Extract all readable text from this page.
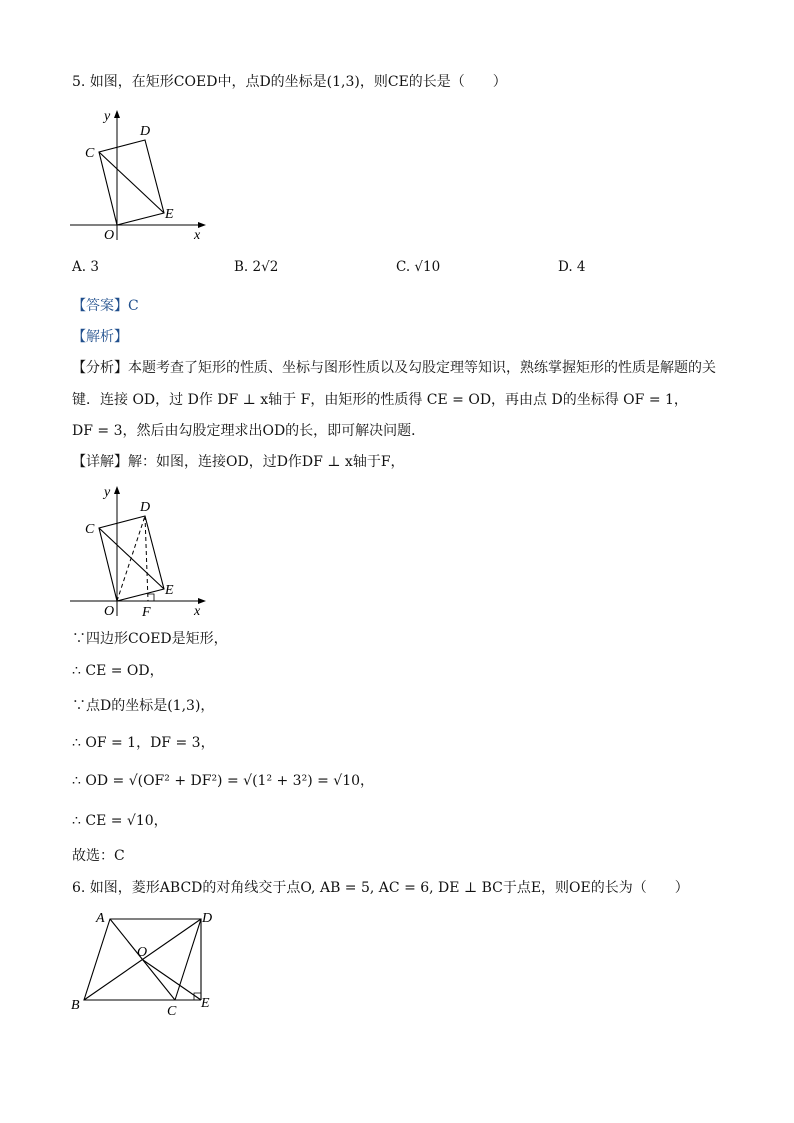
5. 如图，在矩形COED中，点D的坐标是(1,3)，则CE的长是（　　）
y
x
O
C
D
E
A. 3	B. 2√2	C. √10	D. 4
【答案】C
【解析】
【分析】本题考查了矩形的性质、坐标与图形性质以及勾股定理等知识，熟练掌握矩形的性质是解题的关
键．连接 OD，过 D作 DF ⊥ x轴于 F，由矩形的性质得 CE = OD，再由点 D的坐标得 OF = 1，
DF = 3，然后由勾股定理求出OD的长，即可解决问题．
【详解】解：如图，连接OD，过D作DF ⊥ x轴于F，
y
x
O F
C
D
E
∵四边形COED是矩形，
∴ CE = OD，
∵点D的坐标是(1,3)，
∴ OF = 1，DF = 3，
∴ OD = √(OF² + DF²) = √(1² + 3²) = √10，
∴ CE = √10，
故选：C
6. 如图，菱形ABCD的对角线交于点O, AB = 5, AC = 6, DE ⊥ BC于点E，则OE的长为（　　）
A	D
O
B	C
E
